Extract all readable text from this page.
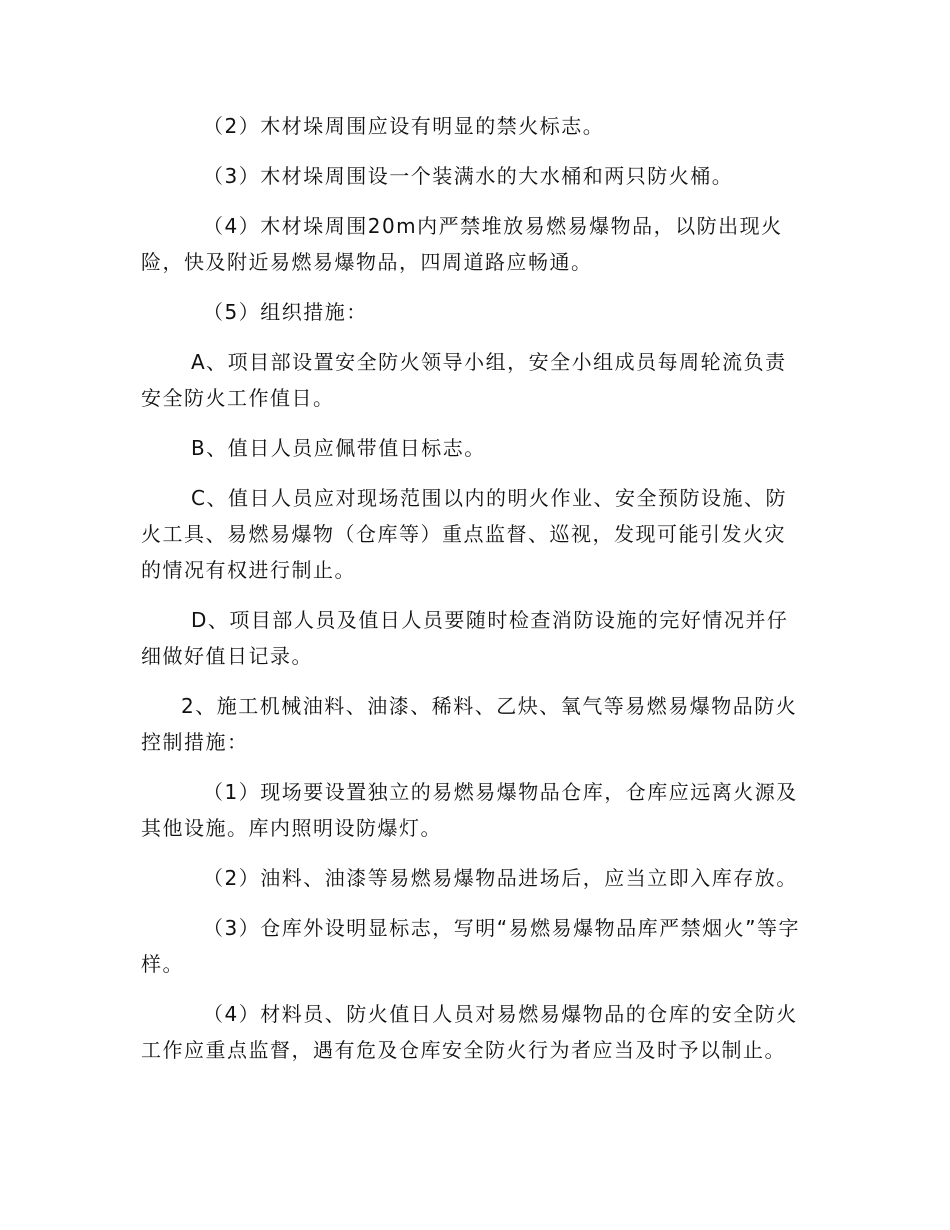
（2）木材垛周围应设有明显的禁火标志。

（3）木材垛周围设一个装满水的大水桶和两只防火桶。

（4）木材垛周围20m内严禁堆放易燃易爆物品，以防出现火险，快及附近易燃易爆物品，四周道路应畅通。

（5）组织措施：

A、项目部设置安全防火领导小组，安全小组成员每周轮流负责安全防火工作值日。

B、值日人员应佩带值日标志。

C、值日人员应对现场范围以内的明火作业、安全预防设施、防火工具、易燃易爆物（仓库等）重点监督、巡视，发现可能引发火灾的情况有权进行制止。

D、项目部人员及值日人员要随时检查消防设施的完好情况并仔细做好值日记录。

2、施工机械油料、油漆、稀料、乙炔、氧气等易燃易爆物品防火控制措施：

（1）现场要设置独立的易燃易爆物品仓库，仓库应远离火源及其他设施。库内照明设防爆灯。

（2）油料、油漆等易燃易爆物品进场后，应当立即入库存放。

（3）仓库外设明显标志，写明“易燃易爆物品库严禁烟火”等字样。

（4）材料员、防火值日人员对易燃易爆物品的仓库的安全防火工作应重点监督，遇有危及仓库安全防火行为者应当及时予以制止。
